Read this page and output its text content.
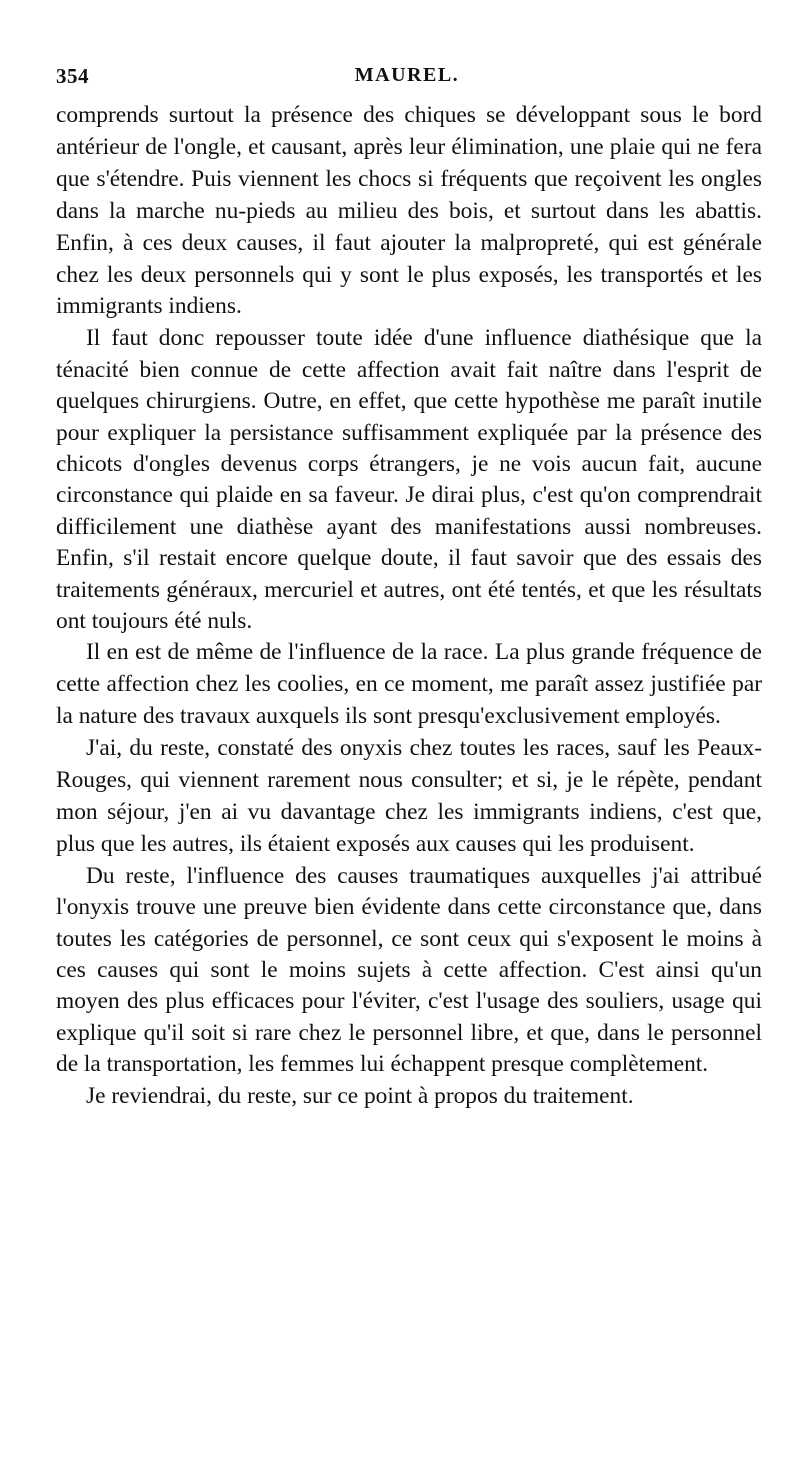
354	MAUREL.

comprends surtout la présence des chiques se développant sous le bord antérieur de l'ongle, et causant, après leur élimination, une plaie qui ne fera que s'étendre. Puis viennent les chocs si fréquents que reçoivent les ongles dans la marche nu-pieds au milieu des bois, et surtout dans les abattis. Enfin, à ces deux causes, il faut ajouter la malpropreté, qui est générale chez les deux personnels qui y sont le plus exposés, les transportés et les immigrants indiens.

Il faut donc repousser toute idée d'une influence diathésique que la ténacité bien connue de cette affection avait fait naître dans l'esprit de quelques chirurgiens. Outre, en effet, que cette hypothèse me paraît inutile pour expliquer la persistance suffisamment expliquée par la présence des chicots d'ongles devenus corps étrangers, je ne vois aucun fait, aucune circonstance qui plaide en sa faveur. Je dirai plus, c'est qu'on comprendrait difficilement une diathèse ayant des manifestations aussi nombreuses. Enfin, s'il restait encore quelque doute, il faut savoir que des essais des traitements généraux, mercuriel et autres, ont été tentés, et que les résultats ont toujours été nuls.

Il en est de même de l'influence de la race. La plus grande fréquence de cette affection chez les coolies, en ce moment, me paraît assez justifiée par la nature des travaux auxquels ils sont presqu'exclusivement employés.

J'ai, du reste, constaté des onyxis chez toutes les races, sauf les Peaux-Rouges, qui viennent rarement nous consulter; et si, je le répète, pendant mon séjour, j'en ai vu davantage chez les immigrants indiens, c'est que, plus que les autres, ils étaient exposés aux causes qui les produisent.

Du reste, l'influence des causes traumatiques auxquelles j'ai attribué l'onyxis trouve une preuve bien évidente dans cette circonstance que, dans toutes les catégories de personnel, ce sont ceux qui s'exposent le moins à ces causes qui sont le moins sujets à cette affection. C'est ainsi qu'un moyen des plus efficaces pour l'éviter, c'est l'usage des souliers, usage qui explique qu'il soit si rare chez le personnel libre, et que, dans le personnel de la transportation, les femmes lui échappent presque complètement.

Je reviendrai, du reste, sur ce point à propos du traitement.
